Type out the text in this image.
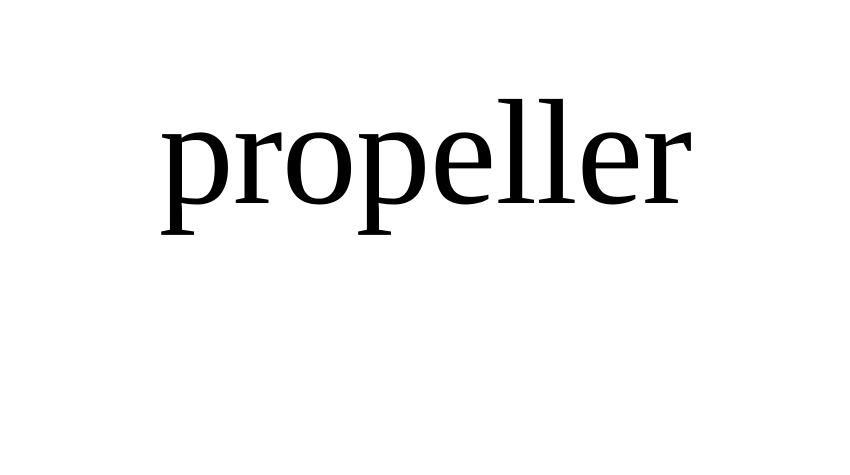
propeller
